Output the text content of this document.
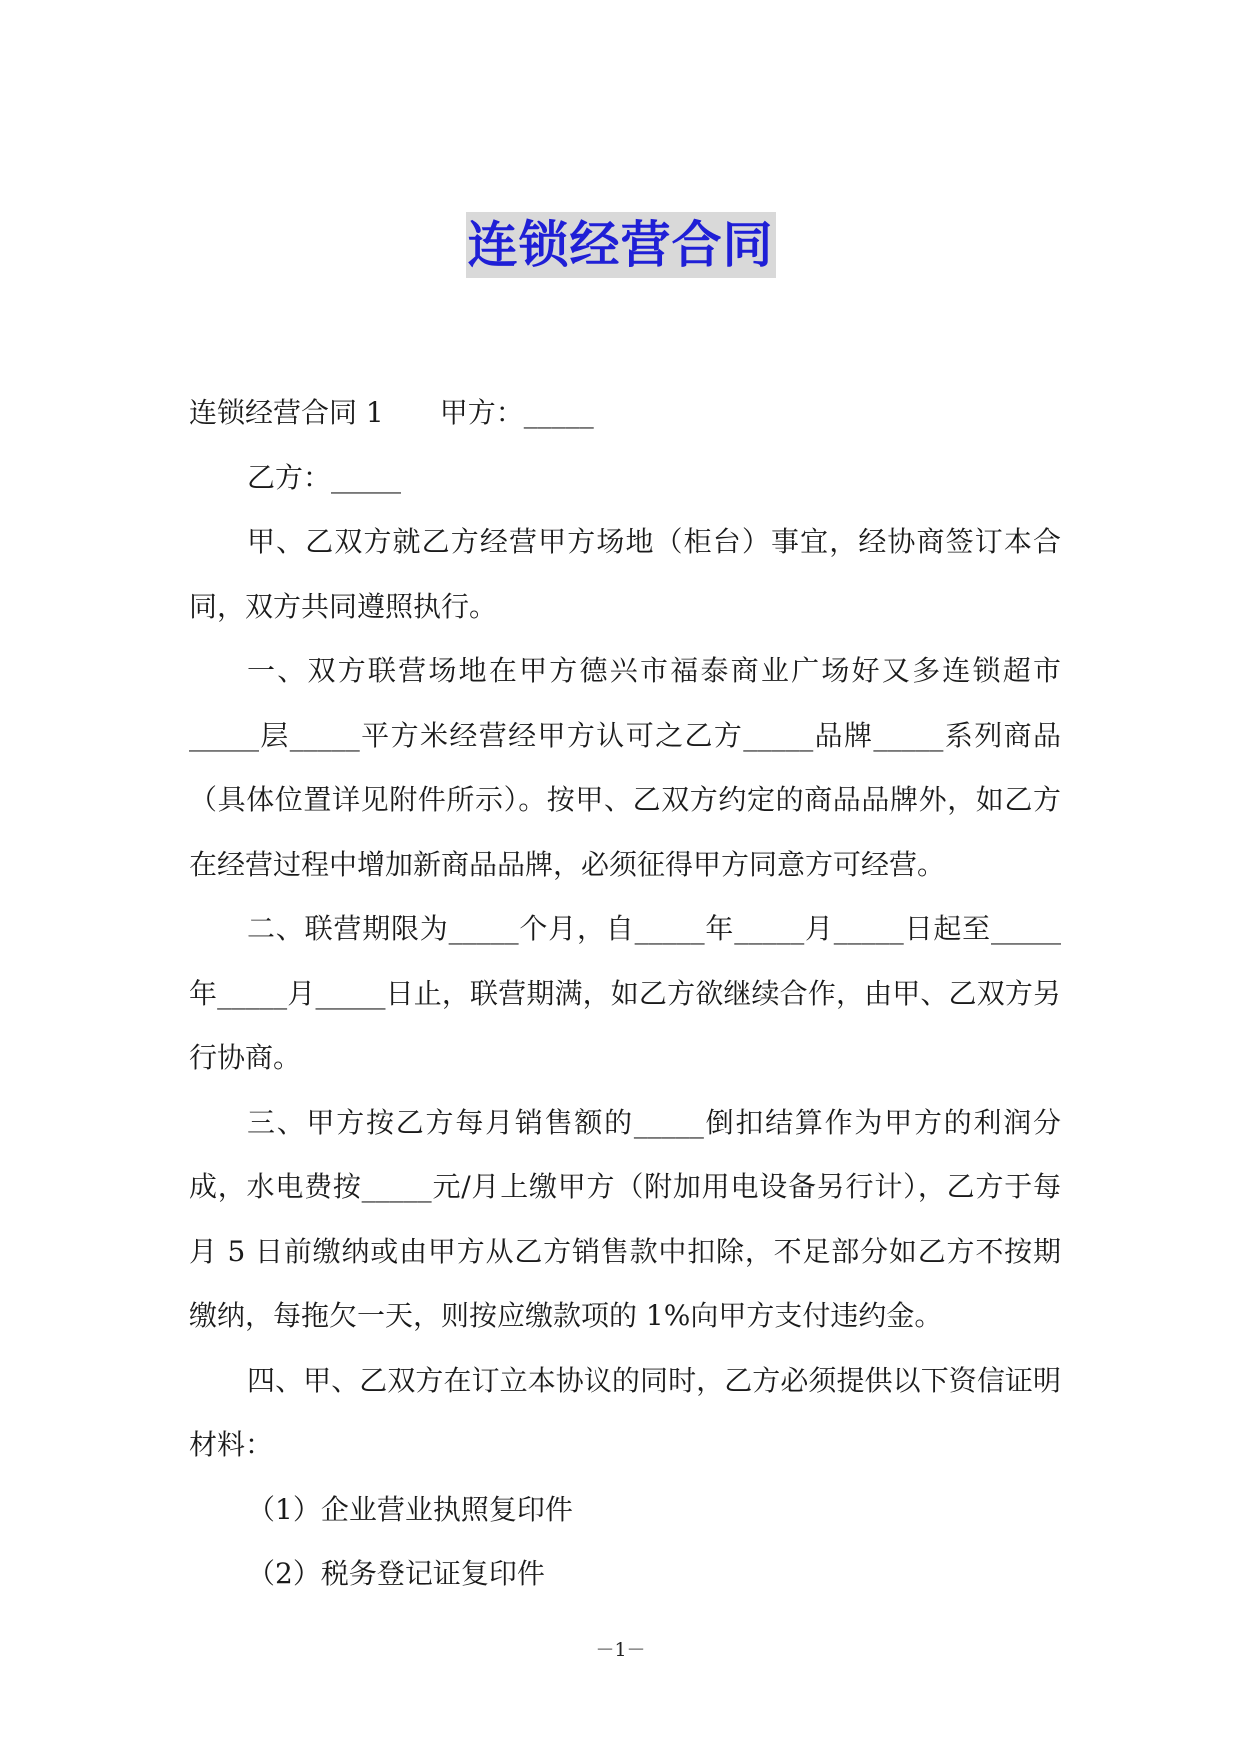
连锁经营合同

连锁经营合同 1 甲方：_____

乙方：_____

甲、乙双方就乙方经营甲方场地（柜台）事宜，经协商签订本合同，双方共同遵照执行。

一、双方联营场地在甲方德兴市福泰商业广场好又多连锁超市_____层_____平方米经营经甲方认可之乙方_____品牌_____系列商品（具体位置详见附件所示）。按甲、乙双方约定的商品品牌外，如乙方在经营过程中增加新商品品牌，必须征得甲方同意方可经营。

二、联营期限为_____个月，自_____年_____月_____日起至_____年_____月_____日止，联营期满，如乙方欲继续合作，由甲、乙双方另行协商。

三、甲方按乙方每月销售额的_____倒扣结算作为甲方的利润分成，水电费按_____元/月上缴甲方（附加用电设备另行计），乙方于每月 5 日前缴纳或由甲方从乙方销售款中扣除，不足部分如乙方不按期缴纳，每拖欠一天，则按应缴款项的 1%向甲方支付违约金。

四、甲、乙双方在订立本协议的同时，乙方必须提供以下资信证明材料：

（1）企业营业执照复印件

（2）税务登记证复印件

－1－
